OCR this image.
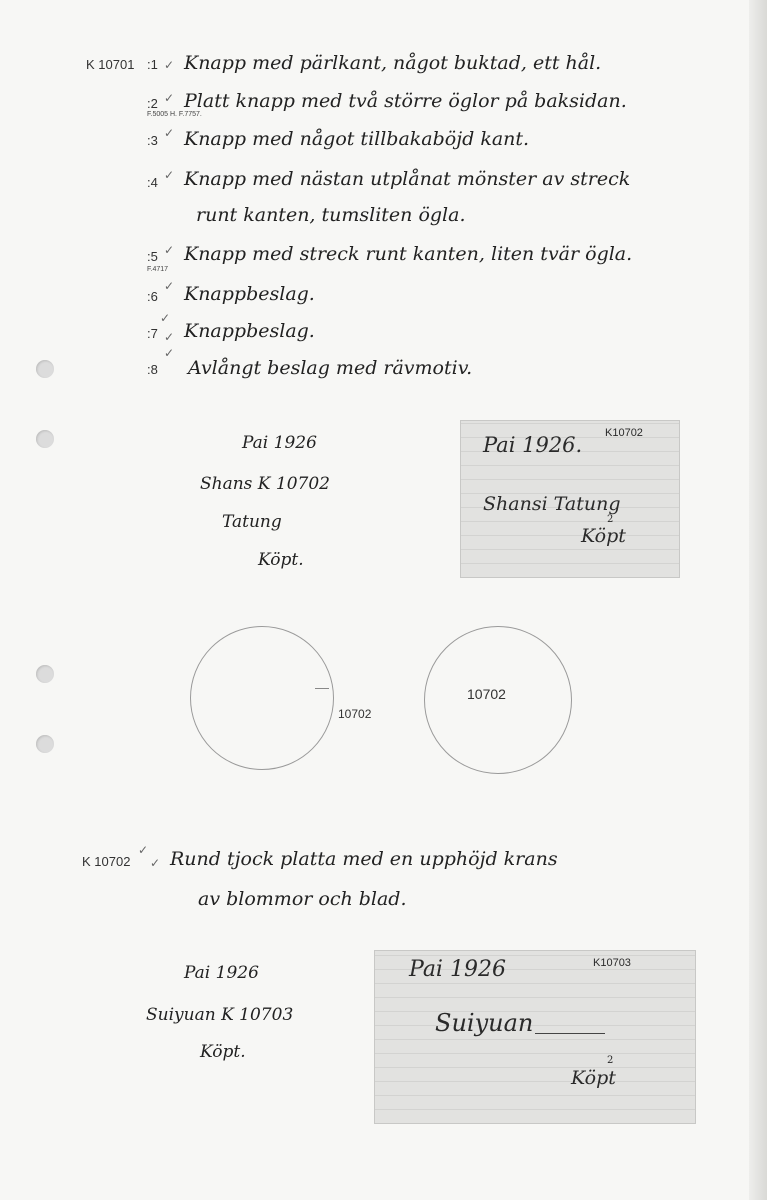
K 10701 :1 ✓ Knapp med pärlkant, något buktad, ett hål.
:2 ✓
F.5005 H. F.7757.
Platt knapp med två större öglor på baksidan.
:3 ✓ Knapp med något tillbakaböjd kant.
:4 ✓ Knapp med nästan utplånat mönster av streck
runt kanten, tumsliten ögla.
:5 ✓
F.4717
Knapp med streck runt kanten, liten tvär ögla.
:6
✓ Knappbeslag.
:7
✓
✓ Knappbeslag.
:8
✓
Avlångt beslag med rävmotiv.
Pai 1926
Shans K 10702
Tatung
Köpt.
K10702
Pai 1926.
Shansi Tatung
2
Köpt
10702
10702
K 10702
✓
✓ Rund tjock platta med en upphöjd krans
av blommor och blad.
Pai 1926
Suiyuan K 10703
Köpt.
K10703
Pai 1926
Suiyuan
2
Köpt
